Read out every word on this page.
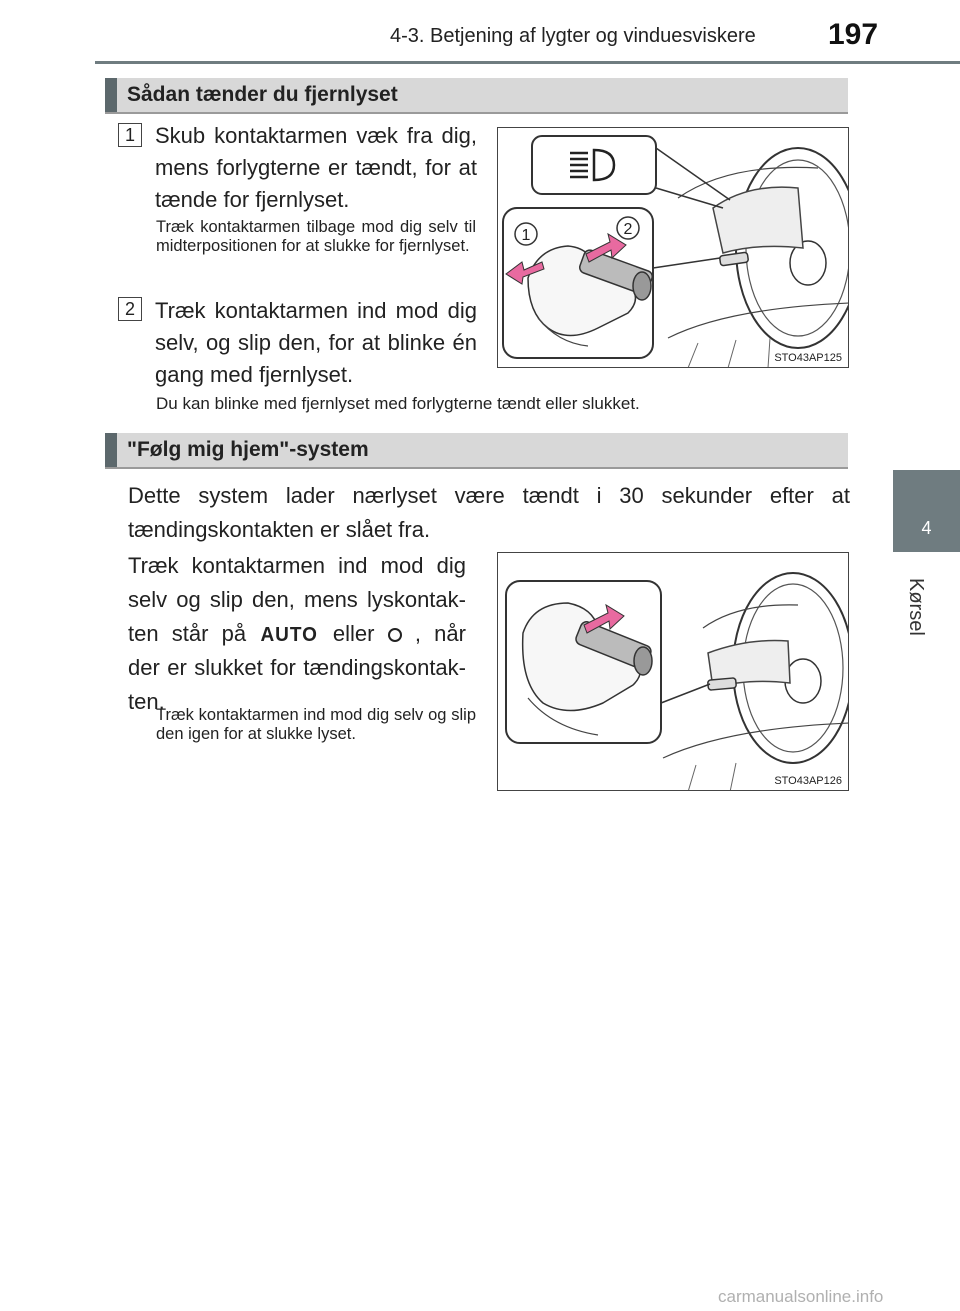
4-3. Betjening af lygter og vinduesviskere 197
4
Kørsel
Sådan tænder du fjernlyset
1 Skub kontaktarmen væk fra dig, mens forlygterne er tændt, for at tænde for fjernlyset.
Træk kontaktarmen tilbage mod dig selv til midterpositionen for at slukke for fjernlyset.
2 Træk kontaktarmen ind mod dig selv, og slip den, for at blinke én gang med fjernlyset.
Du kan blinke med fjernlyset med forlygterne tændt eller slukket.
1	2
STO43AP125
"Følg mig hjem"-system
Dette system lader nærlyset være tændt i 30 sekunder efter at tændingskontakten er slået fra.
Træk kontaktarmen ind mod dig
selv og slip den, mens lyskontak-
ten står på AUTO eller , når
der er slukket for tændingskontak-
ten.
Træk kontaktarmen ind mod dig selv og slip den igen for at slukke lyset.
STO43AP126
carmanualsonline.info
